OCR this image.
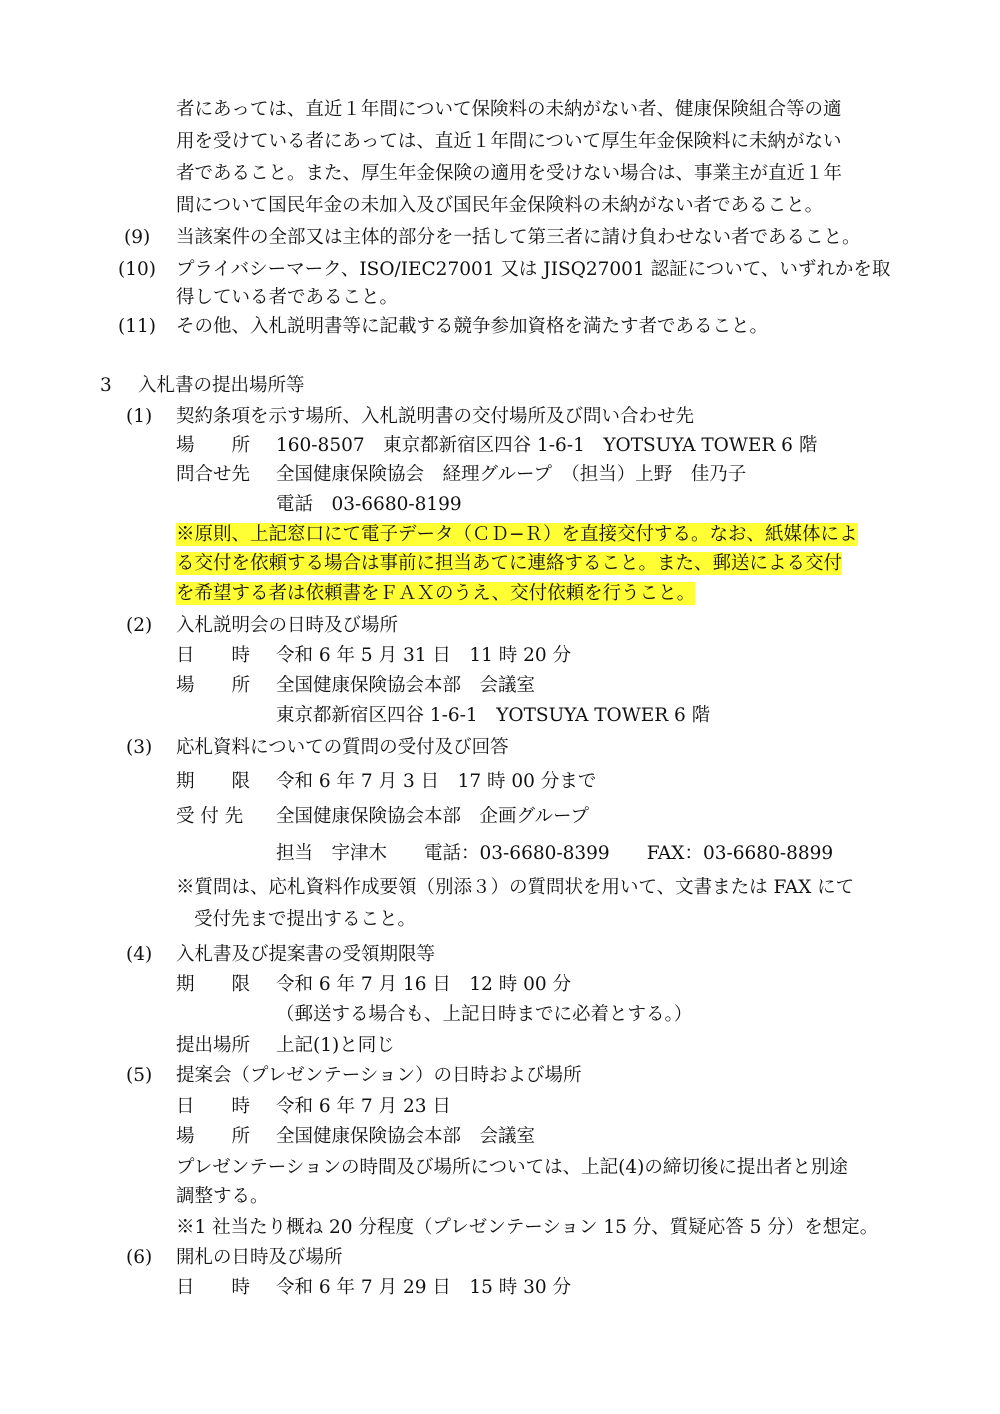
者にあっては、直近１年間について保険料の未納がない者、健康保険組合等の適
用を受けている者にあっては、直近１年間について厚生年金保険料に未納がない
者であること。また、厚生年金保険の適用を受けない場合は、事業主が直近１年
間について国民年金の未加入及び国民年金保険料の未納がない者であること。
(9) 当該案件の全部又は主体的部分を一括して第三者に請け負わせない者であること。
(10) プライバシーマーク、ISO/IEC27001 又は JISQ27001 認証について、いずれかを取
得している者であること。
(11) その他、入札説明書等に記載する競争参加資格を満たす者であること。
3 入札書の提出場所等
(1) 契約条項を示す場所、入札説明書の交付場所及び問い合わせ先
場　　所 160-8507　東京都新宿区四谷 1-6-1　YOTSUYA TOWER 6 階
問合せ先 全国健康保険協会　経理グループ　（担当）上野　佳乃子
電話　03-6680-8199
※原則、上記窓口にて電子データ（ＣＤ−Ｒ）を直接交付する。なお、紙媒体によ
る交付を依頼する場合は事前に担当あてに連絡すること。また、郵送による交付
を希望する者は依頼書をＦＡＸのうえ、交付依頼を行うこと。
(2) 入札説明会の日時及び場所
日　　時 令和 6 年 5 月 31 日　11 時 20 分
場　　所 全国健康保険協会本部　会議室
東京都新宿区四谷 1-6-1　YOTSUYA TOWER 6 階
(3) 応札資料についての質問の受付及び回答
期　　限 令和 6 年 7 月 3 日　17 時 00 分まで
受 付 先 全国健康保険協会本部　企画グループ
担当　宇津木　　電話：03-6680-8399　　FAX：03-6680-8899
※質問は、応札資料作成要領（別添３）の質問状を用いて、文書または FAX にて
受付先まで提出すること。
(4) 入札書及び提案書の受領期限等
期　　限 令和 6 年 7 月 16 日　12 時 00 分
（郵送する場合も、上記日時までに必着とする。）
提出場所 上記(1)と同じ
(5) 提案会（プレゼンテーション）の日時および場所
日　　時 令和 6 年 7 月 23 日
場　　所 全国健康保険協会本部　会議室
プレゼンテーションの時間及び場所については、上記(4)の締切後に提出者と別途
調整する。
※1 社当たり概ね 20 分程度（プレゼンテーション 15 分、質疑応答 5 分）を想定。
(6) 開札の日時及び場所
日　　時 令和 6 年 7 月 29 日　15 時 30 分
